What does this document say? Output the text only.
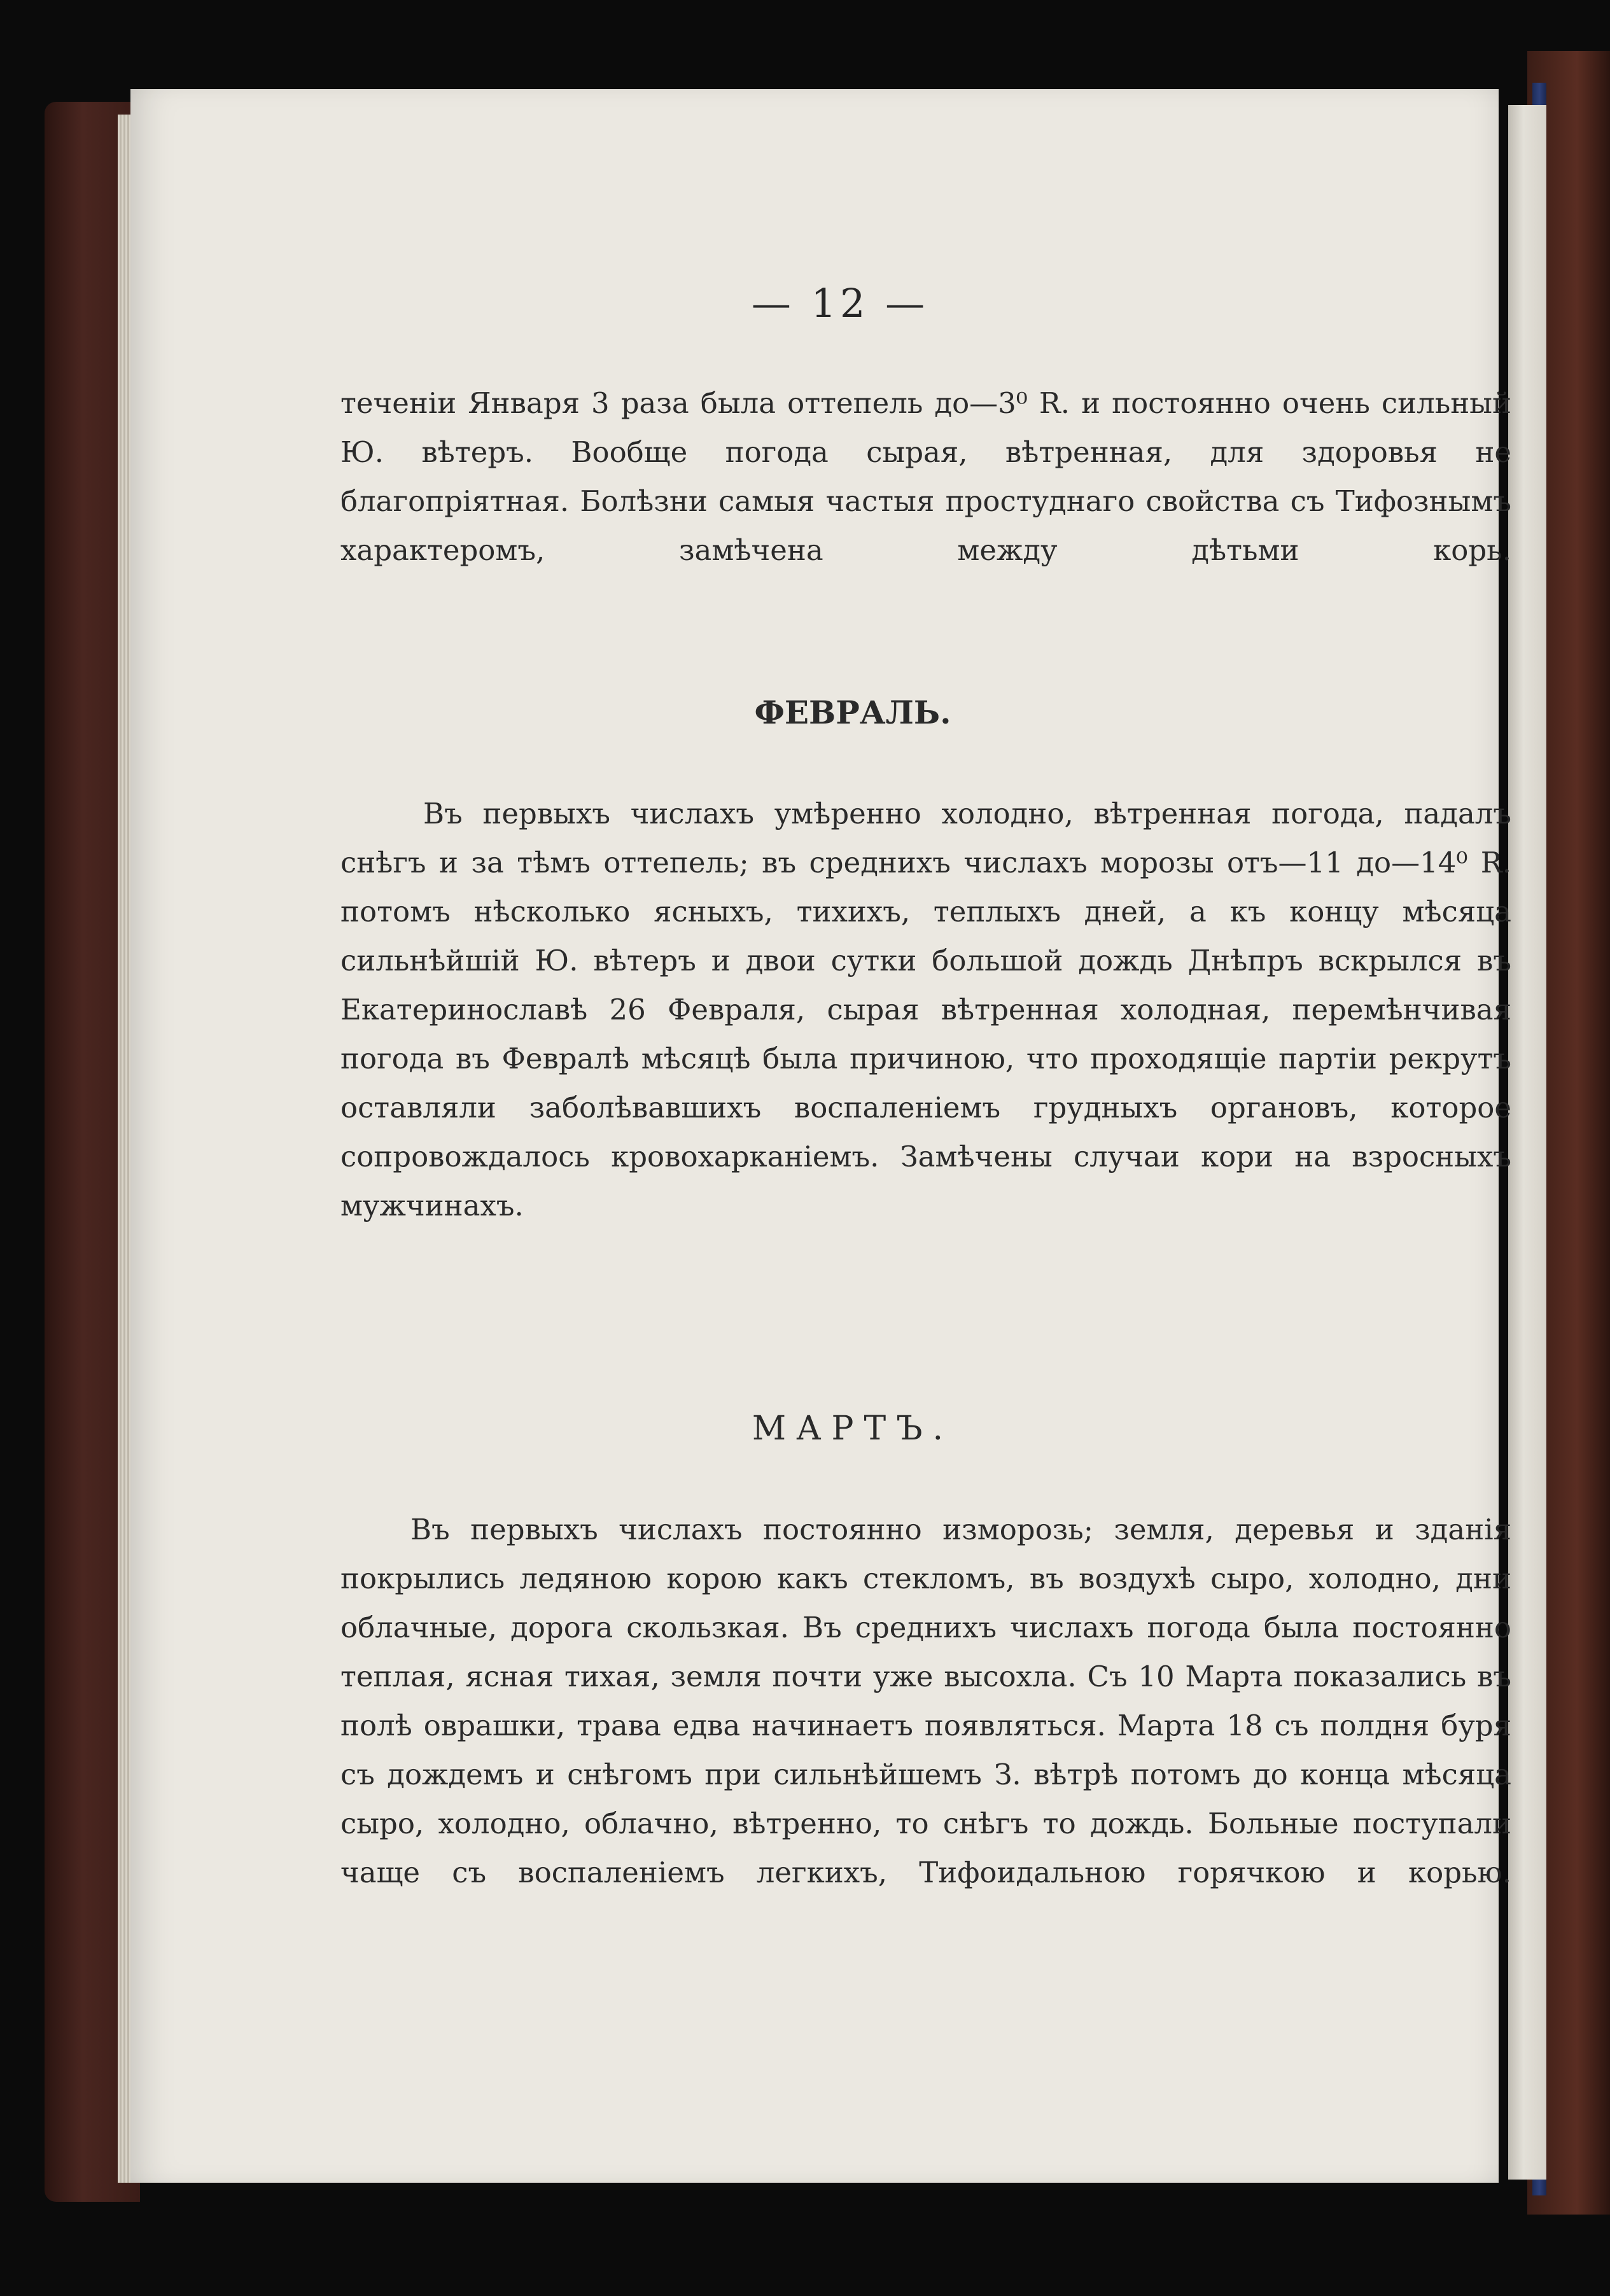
— 12 —

теченіи Января 3 раза была оттепель до—3⁰ R. и постоянно очень сильный Ю. вѣтеръ. Вообще погода сырая, вѣтренная, для здоровья не благопріятная. Болѣзни самыя частыя простуднаго свойства съ Тифознымъ характеромъ, замѣчена между дѣтьми корь.

ФЕВРАЛЬ.

Въ первыхъ числахъ умѣренно холодно, вѣтренная погода, падалъ снѣгъ и за тѣмъ оттепель; въ среднихъ числахъ морозы отъ—11 до—14⁰ R. потомъ нѣсколько ясныхъ, тихихъ, теплыхъ дней, а къ концу мѣсяца сильнѣйшій Ю. вѣтеръ и двои сутки большой дождь Днѣпръ вскрылся въ Екатеринославѣ 26 Февраля, сырая вѣтренная холодная, перемѣнчивая погода въ Февралѣ мѣсяцѣ была причиною, что проходящіе партіи рекрутъ оставляли заболѣвавшихъ воспаленіемъ грудныхъ органовъ, которое сопровождалось кровохарканіемъ. Замѣчены случаи кори на взросныхъ мужчинахъ.

МАРТЪ.

Въ первыхъ числахъ постоянно изморозь; земля, деревья и зданія покрылись ледяною корою какъ стекломъ, въ воздухѣ сыро, холодно, дни облачные, дорога скользкая. Въ среднихъ числахъ погода была постоянно теплая, ясная тихая, земля почти уже высохла. Съ 10 Марта показались въ полѣ оврашки, трава едва начинаетъ появляться. Марта 18 съ полдня буря съ дождемъ и снѣгомъ при сильнѣйшемъ З. вѣтрѣ потомъ до конца мѣсяца сыро, холодно, облачно, вѣтренно, то снѣгъ то дождь. Больные поступали чаще съ воспаленіемъ легкихъ, Тифоидальною горячкою и корью.
